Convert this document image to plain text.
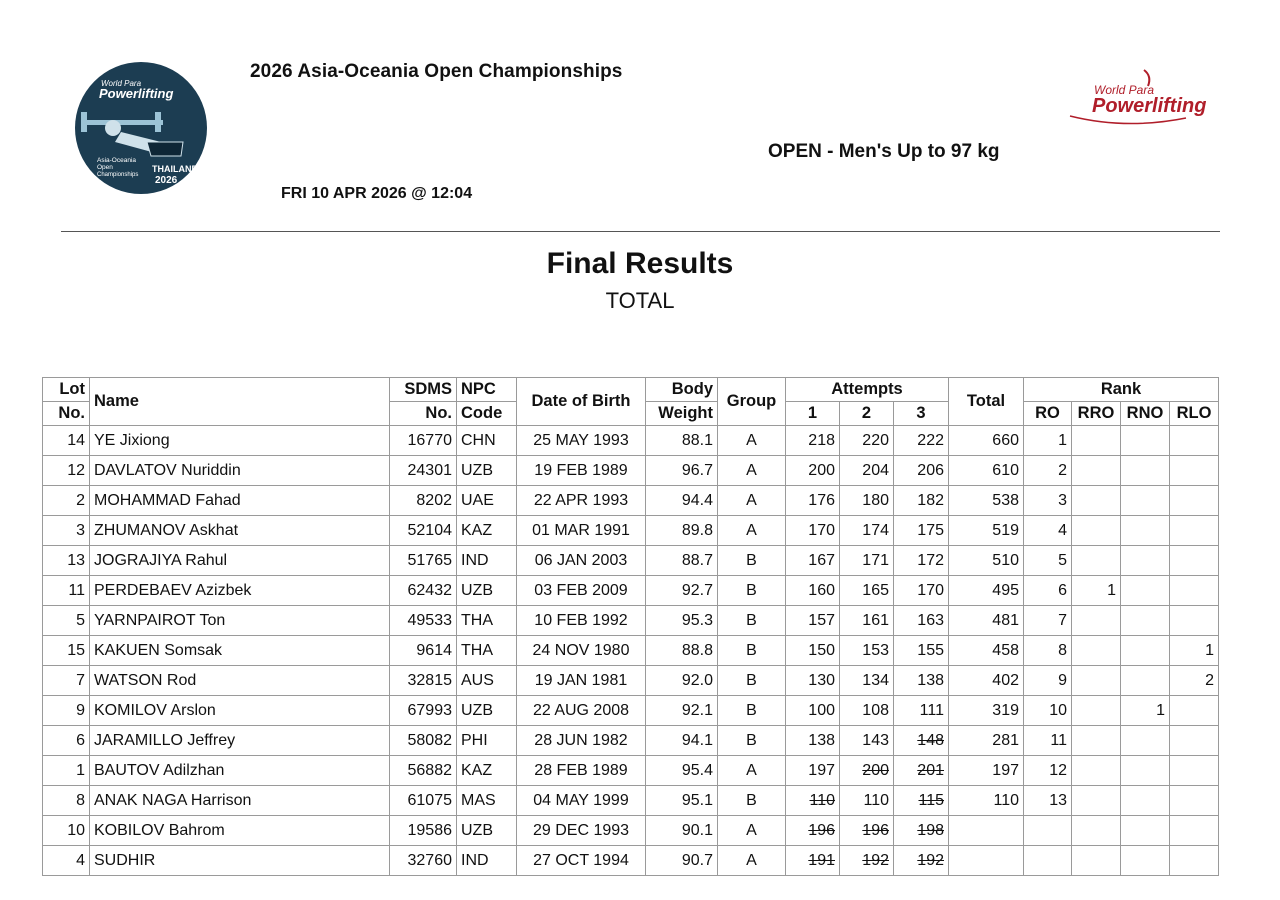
World Para
Powerlifting
Asia-Oceania
Open
Championships
THAILAND
2026
World Para
Powerlifting
2026 Asia-Oceania Open Championships
FRI 10 APR 2026 @ 12:04
OPEN - Men's Up to 97 kg
Final Results
TOTAL
Lot	Name	SDMS	NPC	Date of Birth	Body	Group	Attempts			Total	Rank			
No.		No.	Code		Weight		1	2	3		RO	RRO	RNO	RLO
14	YE Jixiong	16770	CHN	25 MAY 1993	88.1	A	218	220	222	660	1			
12	DAVLATOV Nuriddin	24301	UZB	19 FEB 1989	96.7	A	200	204	206	610	2			
2	MOHAMMAD Fahad	8202	UAE	22 APR 1993	94.4	A	176	180	182	538	3			
3	ZHUMANOV Askhat	52104	KAZ	01 MAR 1991	89.8	A	170	174	175	519	4			
13	JOGRAJIYA Rahul	51765	IND	06 JAN 2003	88.7	B	167	171	172	510	5			
11	PERDEBAEV Azizbek	62432	UZB	03 FEB 2009	92.7	B	160	165	170	495	6	1		
5	YARNPAIROT Ton	49533	THA	10 FEB 1992	95.3	B	157	161	163	481	7			
15	KAKUEN Somsak	9614	THA	24 NOV 1980	88.8	B	150	153	155	458	8			1
7	WATSON Rod	32815	AUS	19 JAN 1981	92.0	B	130	134	138	402	9			2
9	KOMILOV Arslon	67993	UZB	22 AUG 2008	92.1	B	100	108	111	319	10		1	
6	JARAMILLO Jeffrey	58082	PHI	28 JUN 1982	94.1	B	138	143	148	281	11			
1	BAUTOV Adilzhan	56882	KAZ	28 FEB 1989	95.4	A	197	200	201	197	12			
8	ANAK NAGA Harrison	61075	MAS	04 MAY 1999	95.1	B	110	110	115	110	13			
10	KOBILOV Bahrom	19586	UZB	29 DEC 1993	90.1	A	196	196	198					
4	SUDHIR	32760	IND	27 OCT 1994	90.7	A	191	192	192					
